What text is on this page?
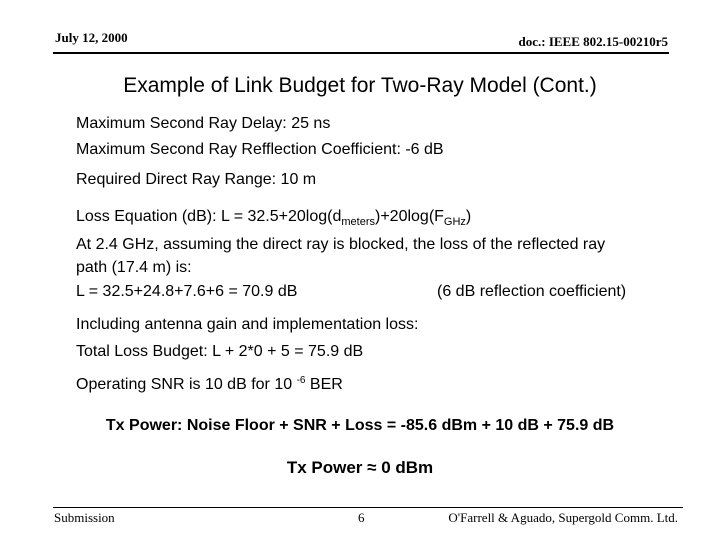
July 12, 2000	doc.: IEEE 802.15-00210r5
Example of Link Budget for Two-Ray Model (Cont.)
Maximum Second Ray Delay: 25 ns
Maximum Second Ray Refflection Coefficient: -6 dB
Required Direct Ray Range: 10 m
Loss Equation (dB): $L = 32.5+20\log(d_{meters})+20\log(F_{GHz})$
At 2.4 GHz, assuming the direct ray is blocked, the loss of the reflected ray
path (17.4 m) is:
L = 32.5+24.8+7.6+6 = 70.9 dB	(6 dB reflection coefficient)
Including antenna gain and implementation loss:
Total Loss Budget: L + 2*0 + 5 = 75.9 dB
Operating SNR is 10 dB for 10 $^{-6}$ BER
Tx Power: Noise Floor + SNR + Loss = -85.6 dBm + 10 dB + 75.9 dB
Tx Power ≈ 0 dBm
Submission	6	O'Farrell & Aguado, Supergold Comm. Ltd.
